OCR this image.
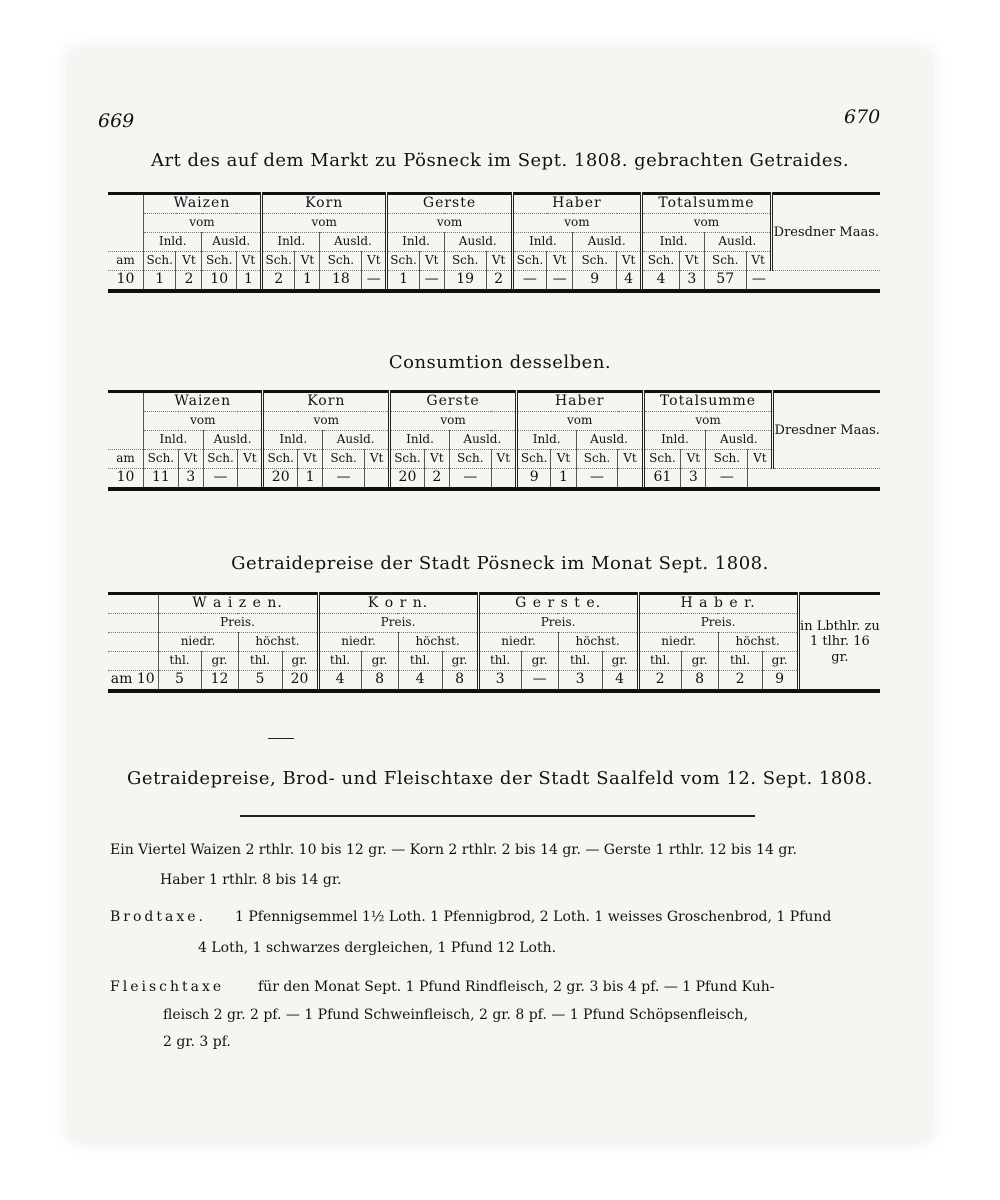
669	670
Art des auf dem Markt zu Pösneck im Sept. 1808. gebrachten Getraides.
	Waizen				Korn				Gerste				Haber				Totalsumme				Dresdner Maas.
	vom				vom				vom				vom				vom				
	Inld.		Ausld.		Inld.		Ausld.		Inld.		Ausld.		Inld.		Ausld.		Inld.		Ausld.		
am	Sch.	Vt	Sch.	Vt	Sch.	Vt	Sch.	Vt	Sch.	Vt	Sch.	Vt	Sch.	Vt	Sch.	Vt	Sch.	Vt	Sch.	Vt	
10	1	2	10	1	2	1	18	—	1	—	19	2	—	—	9	4	4	3	57	—	
Consumtion desselben.
	Waizen				Korn				Gerste				Haber				Totalsumme				Dresdner Maas.
	vom				vom				vom				vom				vom				
	Inld.		Ausld.		Inld.		Ausld.		Inld.		Ausld.		Inld.		Ausld.		Inld.		Ausld.		
am	Sch.	Vt	Sch.	Vt	Sch.	Vt	Sch.	Vt	Sch.	Vt	Sch.	Vt	Sch.	Vt	Sch.	Vt	Sch.	Vt	Sch.	Vt	
10	11	3	—		20	1	—		20	2	—		9	1	—		61	3	—		
Getraidepreise der Stadt Pösneck im Monat Sept. 1808.
	W a i z e n.				K o r n.				G e r s t e.				H a b e r.				in Lbthlr. zu 1 tlhr. 16 gr.
	Preis.				Preis.				Preis.				Preis.				
	niedr.		höchst.		niedr.		höchst.		niedr.		höchst.		niedr.		höchst.		
	thl.	gr.	thl.	gr.	thl.	gr.	thl.	gr.	thl.	gr.	thl.	gr.	thl.	gr.	thl.	gr.	
am 10	5	12	5	20	4	8	4	8	3	—	3	4	2	8	2	9	
Getraidepreise, Brod- und Fleischtaxe der Stadt Saalfeld vom 12. Sept. 1808.
Ein Viertel Waizen 2 rthlr. 10 bis 12 gr. — Korn 2 rthlr. 2 bis 14 gr. — Gerste 1 rthlr. 12 bis 14 gr.
Haber 1 rthlr. 8 bis 14 gr.
Brodtaxe. 1 Pfennigsemmel 1½ Loth. 1 Pfennigbrod, 2 Loth. 1 weisses Groschenbrod, 1 Pfund
4 Loth, 1 schwarzes dergleichen, 1 Pfund 12 Loth.
Fleischtaxe für den Monat Sept. 1 Pfund Rindfleisch, 2 gr. 3 bis 4 pf. — 1 Pfund Kuh-
fleisch 2 gr. 2 pf. — 1 Pfund Schweinfleisch, 2 gr. 8 pf. — 1 Pfund Schöpsenfleisch,
2 gr. 3 pf.
